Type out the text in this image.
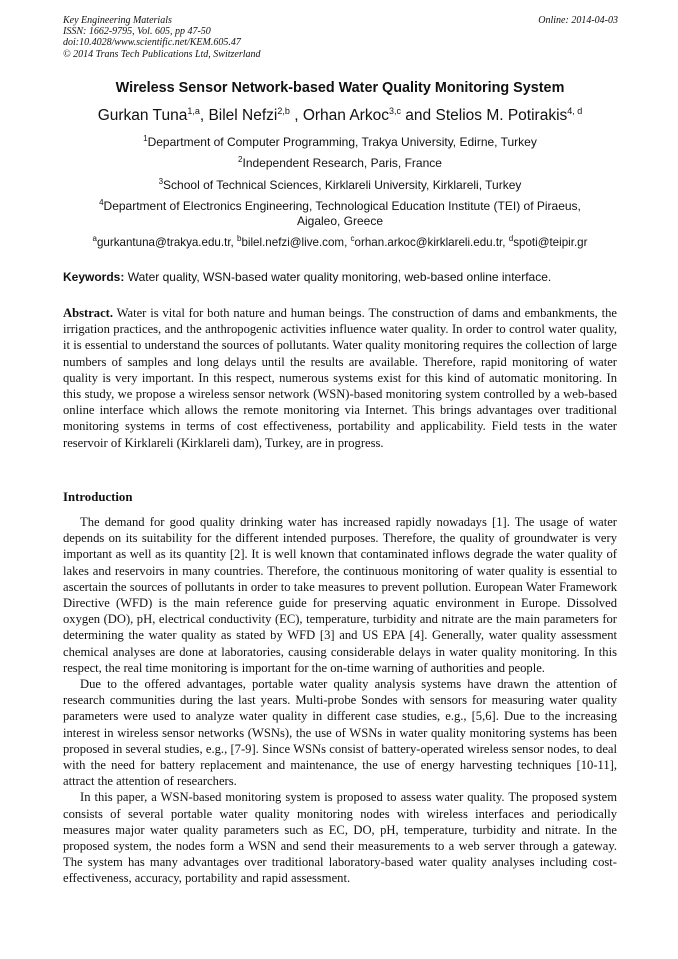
Key Engineering Materials
ISSN: 1662-9795, Vol. 605, pp 47-50
doi:10.4028/www.scientific.net/KEM.605.47
© 2014 Trans Tech Publications Ltd, Switzerland
Online: 2014-04-03
Wireless Sensor Network-based Water Quality Monitoring System
Gurkan Tuna$^{1,a}$, Bilel Nefzi$^{2,b}$ , Orhan Arkoc$^{3,c}$ and Stelios M. Potirakis$^{4, d}$
$^1$Department of Computer Programming, Trakya University, Edirne, Turkey
$^2$Independent Research, Paris, France
$^3$School of Technical Sciences, Kirklareli University, Kirklareli, Turkey
$^4$Department of Electronics Engineering, Technological Education Institute (TEI) of Piraeus, Aigaleo, Greece
$^a$gurkantuna@trakya.edu.tr, $^b$bilel.nefzi@live.com, $^c$orhan.arkoc@kirklareli.edu.tr, $^d$spoti@teipir.gr
Keywords: Water quality, WSN-based water quality monitoring, web-based online interface.

Abstract. Water is vital for both nature and human beings. The construction of dams and embankments, the irrigation practices, and the anthropogenic activities influence water quality. In order to control water quality, it is essential to understand the sources of pollutants. Water quality monitoring requires the collection of large numbers of samples and long delays until the results are available. Therefore, rapid monitoring of water quality is very important. In this respect, numerous systems exist for this kind of automatic monitoring. In this study, we propose a wireless sensor network (WSN)-based monitoring system controlled by a web-based online interface which allows the remote monitoring via Internet. This brings advantages over traditional monitoring systems in terms of cost effectiveness, portability and applicability. Field tests in the water reservoir of Kirklareli (Kirklareli dam), Turkey, are in progress.

Introduction

The demand for good quality drinking water has increased rapidly nowadays [1]. The usage of water depends on its suitability for the different intended purposes. Therefore, the quality of groundwater is very important as well as its quantity [2]. It is well known that contaminated inflows degrade the water quality of lakes and reservoirs in many countries. Therefore, the continuous monitoring of water quality is essential to ascertain the sources of pollutants in order to take measures to prevent pollution. European Water Framework Directive (WFD) is the main reference guide for preserving aquatic environment in Europe. Dissolved oxygen (DO), pH, electrical conductivity (EC), temperature, turbidity and nitrate are the main parameters for determining the water quality as stated by WFD [3] and US EPA [4]. Generally, water quality assessment chemical analyses are done at laboratories, causing considerable delays in water quality monitoring. In this respect, the real time monitoring is important for the on-time warning of authorities and people.

Due to the offered advantages, portable water quality analysis systems have drawn the attention of research communities during the last years. Multi-probe Sondes with sensors for measuring water quality parameters were used to analyze water quality in different case studies, e.g., [5,6]. Due to the increasing interest in wireless sensor networks (WSNs), the use of WSNs in water quality monitoring systems has been proposed in several studies, e.g., [7-9]. Since WSNs consist of battery-operated wireless sensor nodes, to deal with the need for battery replacement and maintenance, the use of energy harvesting techniques [10-11], attract the attention of researchers.

In this paper, a WSN-based monitoring system is proposed to assess water quality. The proposed system consists of several portable water quality monitoring nodes with wireless interfaces and periodically measures major water quality parameters such as EC, DO, pH, temperature, turbidity and nitrate. In the proposed system, the nodes form a WSN and send their measurements to a web server through a gateway. The system has many advantages over traditional laboratory-based water quality analyses including cost-effectiveness, accuracy, portability and rapid assessment.
